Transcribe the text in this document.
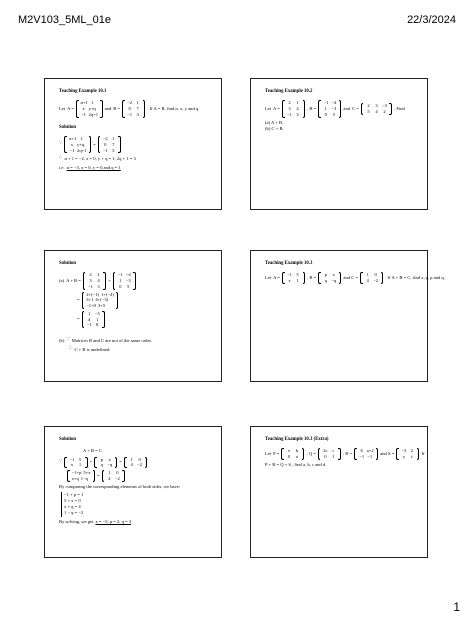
M2V103_5ML_01e	22/3/2024
Teaching Example 10.1
Let A =
α+1 1
x y+q
−1 2q+1
and B =
−2 1
0	7
−1 3
. If A = B, find α, x, y and q.
Solution
∵
α+1 1
x y+q
−1 2q+1
=
−2 1
0	7
−1 3
∴ α + 1 = −2, x = 0, y + q = 1, 2q + 1 = 3
i.e. α = −3, x = 0, y = 0 and q = 1
Teaching Example 10.2
Let A =
2	1
3	4
−1 3
, B =
−1 −4
1 −3
0	5
and C =
2	3 −3
5	4	2
. Find
(a) A + B,
(b) C + B.
Solution
(a) A + B =
2	1
3	4
−1 3
+
−1 −4
1 −3
0	5
=
2+(−1) 1+(−4)
3+1 4+(−3)
−1+0 3+5
=
1 −3
4	1
−1 8
(b) ∵ Matrices B and C are not of the same order.
∴ C + B is undefined.
Teaching Example 10.3
Let A =
−1 5
x	1
, B =
p	x
q −q
and C =
1	0
4 −2
. If A + B = C, find x, y, p and q.
Solution
A + B = C
∵	−1 5
x	1
+
p	x
q −q
=
1	0
4 −2
−1+p 5+x
x+q 1−q
=
1	0
4 −2
By comparing the corresponding elements of both sides, we have:
−1 + p = 1
5 + x = 0
x + q = 4
1 − q = −2
By solving, we get x = −5, p = 2, q = 3
Teaching Example 10.3 (Extra)
Let P =
x	b
0	a
, Q =
2c	c
0	1
, R =
6 a+2
−1 −1
and S =
−3 2
y	c
If
P + R = Q + S , find a, b, c and d.
1
